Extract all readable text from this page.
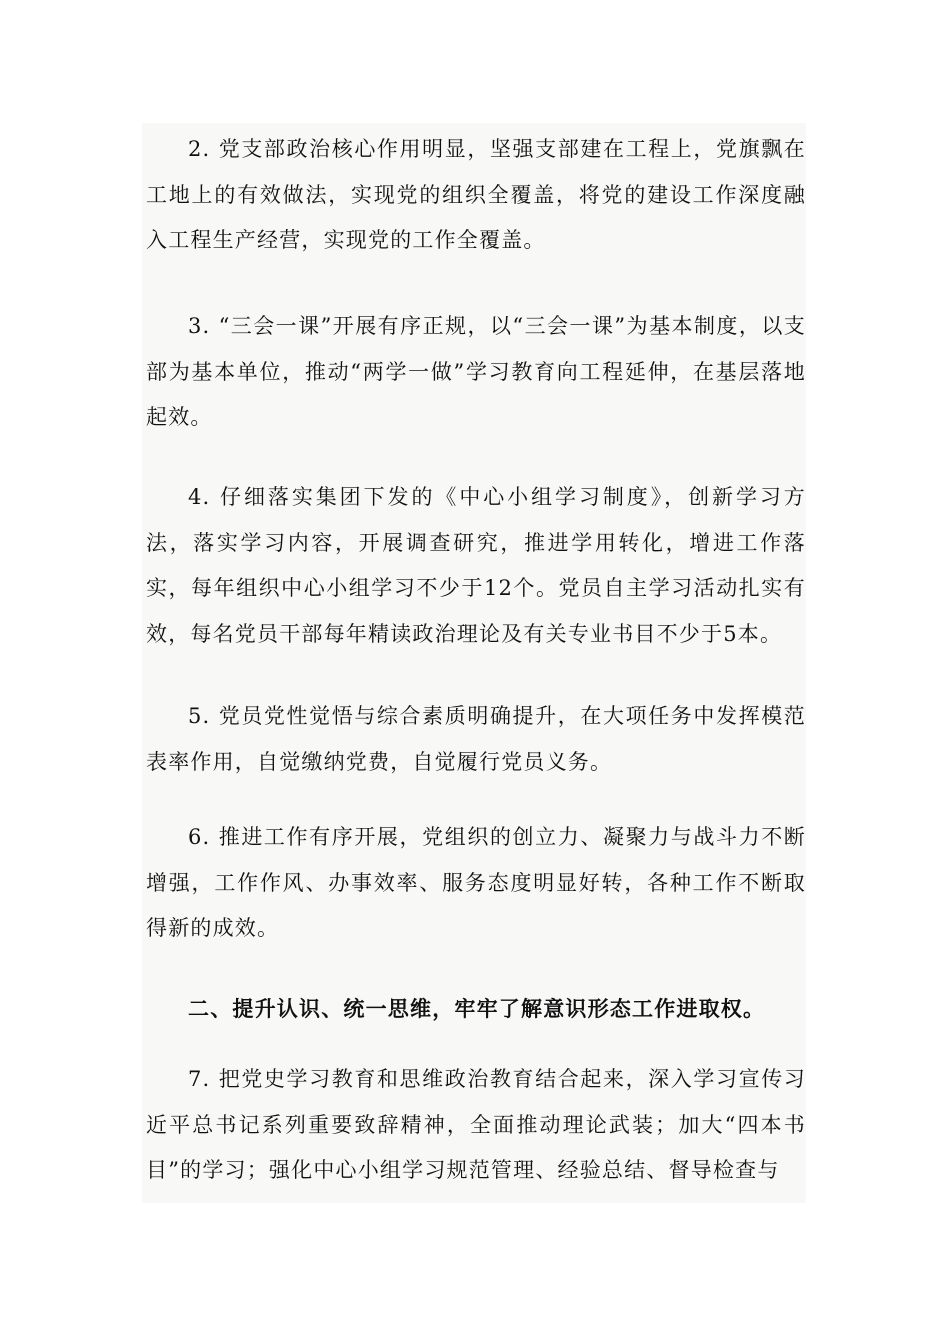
2. 党支部政治核心作用明显，坚强支部建在工程上，党旗飘在工地上的有效做法，实现党的组织全覆盖，将党的建设工作深度融入工程生产经营，实现党的工作全覆盖。

3. “三会一课”开展有序正规，以“三会一课”为基本制度，以支部为基本单位，推动“两学一做”学习教育向工程延伸，在基层落地起效。

4. 仔细落实集团下发的《中心小组学习制度》，创新学习方法，落实学习内容，开展调查研究，推进学用转化，增进工作落实，每年组织中心小组学习不少于12个。党员自主学习活动扎实有效，每名党员干部每年精读政治理论及有关专业书目不少于5本。

5. 党员党性觉悟与综合素质明确提升，在大项任务中发挥模范表率作用，自觉缴纳党费，自觉履行党员义务。

6. 推进工作有序开展，党组织的创立力、凝聚力与战斗力不断增强，工作作风、办事效率、服务态度明显好转，各种工作不断取得新的成效。

二、提升认识、统一思维，牢牢了解意识形态工作进取权。

7. 把党史学习教育和思维政治教育结合起来，深入学习宣传习近平总书记系列重要致辞精神，全面推动理论武装；加大“四本书目”的学习；强化中心小组学习规范管理、经验总结、督导检查与
